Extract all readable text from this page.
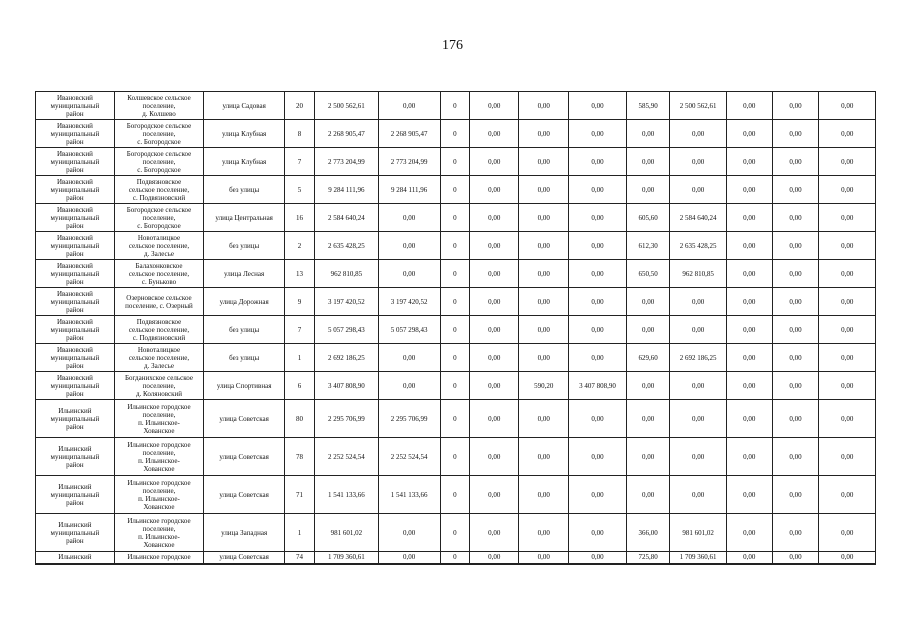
176
Ивановский
муниципальный
район	Колшевское сельское
поселение,
д. Колшево	улица Садовая	20	2 500 562,61	0,00	0	0,00	0,00	0,00	585,90	2 500 562,61	0,00	0,00	0,00
Ивановский
муниципальный
район	Богородское сельское
поселение,
с. Богородское	улица Клубная	8	2 268 905,47	2 268 905,47	0	0,00	0,00	0,00	0,00	0,00	0,00	0,00	0,00
Ивановский
муниципальный
район	Богородское сельское
поселение,
с. Богородское	улица Клубная	7	2 773 204,99	2 773 204,99	0	0,00	0,00	0,00	0,00	0,00	0,00	0,00	0,00
Ивановский
муниципальный
район	Подвязновское
сельское поселение,
с. Подвязновский	без улицы	5	9 284 111,96	9 284 111,96	0	0,00	0,00	0,00	0,00	0,00	0,00	0,00	0,00
Ивановский
муниципальный
район	Богородское сельское
поселение,
с. Богородское	улица Центральная	16	2 584 640,24	0,00	0	0,00	0,00	0,00	605,60	2 584 640,24	0,00	0,00	0,00
Ивановский
муниципальный
район	Новоталицкое
сельское поселение,
д. Залесье	без улицы	2	2 635 428,25	0,00	0	0,00	0,00	0,00	612,30	2 635 428,25	0,00	0,00	0,00
Ивановский
муниципальный
район	Балахонковское
сельское поселение,
с. Буньково	улица Лесная	13	962 810,85	0,00	0	0,00	0,00	0,00	650,50	962 810,85	0,00	0,00	0,00
Ивановский
муниципальный
район	Озерновское сельское
поселение, с. Озерный	улица Дорожная	9	3 197 420,52	3 197 420,52	0	0,00	0,00	0,00	0,00	0,00	0,00	0,00	0,00
Ивановский
муниципальный
район	Подвязновское
сельское поселение,
с. Подвязновский	без улицы	7	5 057 298,43	5 057 298,43	0	0,00	0,00	0,00	0,00	0,00	0,00	0,00	0,00
Ивановский
муниципальный
район	Новоталицкое
сельское поселение,
д. Залесье	без улицы	1	2 692 186,25	0,00	0	0,00	0,00	0,00	629,60	2 692 186,25	0,00	0,00	0,00
Ивановский
муниципальный
район	Богданихское сельское
поселение,
д. Коляновский	улица Спортивная	6	3 407 808,90	0,00	0	0,00	590,20	3 407 808,90	0,00	0,00	0,00	0,00	0,00
Ильинский
муниципальный
район	Ильинское городское
поселение,
п. Ильинское-
Хованское	улица Советская	80	2 295 706,99	2 295 706,99	0	0,00	0,00	0,00	0,00	0,00	0,00	0,00	0,00
Ильинский
муниципальный
район	Ильинское городское
поселение,
п. Ильинское-
Хованское	улица Советская	78	2 252 524,54	2 252 524,54	0	0,00	0,00	0,00	0,00	0,00	0,00	0,00	0,00
Ильинский
муниципальный
район	Ильинское городское
поселение,
п. Ильинское-
Хованское	улица Советская	71	1 541 133,66	1 541 133,66	0	0,00	0,00	0,00	0,00	0,00	0,00	0,00	0,00
Ильинский
муниципальный
район	Ильинское городское
поселение,
п. Ильинское-
Хованское	улица Западная	1	981 601,02	0,00	0	0,00	0,00	0,00	366,00	981 601,02	0,00	0,00	0,00
Ильинский	Ильинское городское	улица Советская	74	1 709 360,61	0,00	0	0,00	0,00	0,00	725,80	1 709 360,61	0,00	0,00	0,00
